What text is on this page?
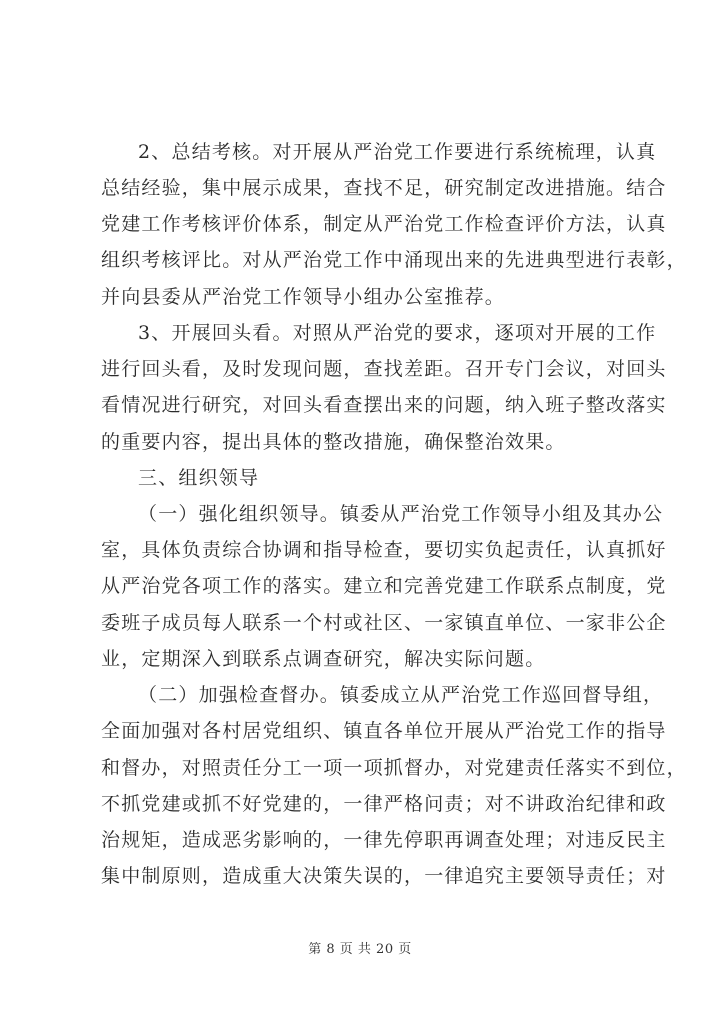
2、总结考核。对开展从严治党工作要进行系统梳理，认真
总结经验，集中展示成果，查找不足，研究制定改进措施。结合
党建工作考核评价体系，制定从严治党工作检查评价方法，认真
组织考核评比。对从严治党工作中涌现出来的先进典型进行表彰，
并向县委从严治党工作领导小组办公室推荐。
3、开展回头看。对照从严治党的要求，逐项对开展的工作
进行回头看，及时发现问题，查找差距。召开专门会议，对回头
看情况进行研究，对回头看查摆出来的问题，纳入班子整改落实
的重要内容，提出具体的整改措施，确保整治效果。
三、组织领导
（一）强化组织领导。镇委从严治党工作领导小组及其办公
室，具体负责综合协调和指导检查，要切实负起责任，认真抓好
从严治党各项工作的落实。建立和完善党建工作联系点制度，党
委班子成员每人联系一个村或社区、一家镇直单位、一家非公企
业，定期深入到联系点调查研究，解决实际问题。
（二）加强检查督办。镇委成立从严治党工作巡回督导组，
全面加强对各村居党组织、镇直各单位开展从严治党工作的指导
和督办，对照责任分工一项一项抓督办，对党建责任落实不到位，
不抓党建或抓不好党建的，一律严格问责；对不讲政治纪律和政
治规矩，造成恶劣影响的，一律先停职再调查处理；对违反民主
集中制原则，造成重大决策失误的，一律追究主要领导责任；对
第 8 页 共 20 页
